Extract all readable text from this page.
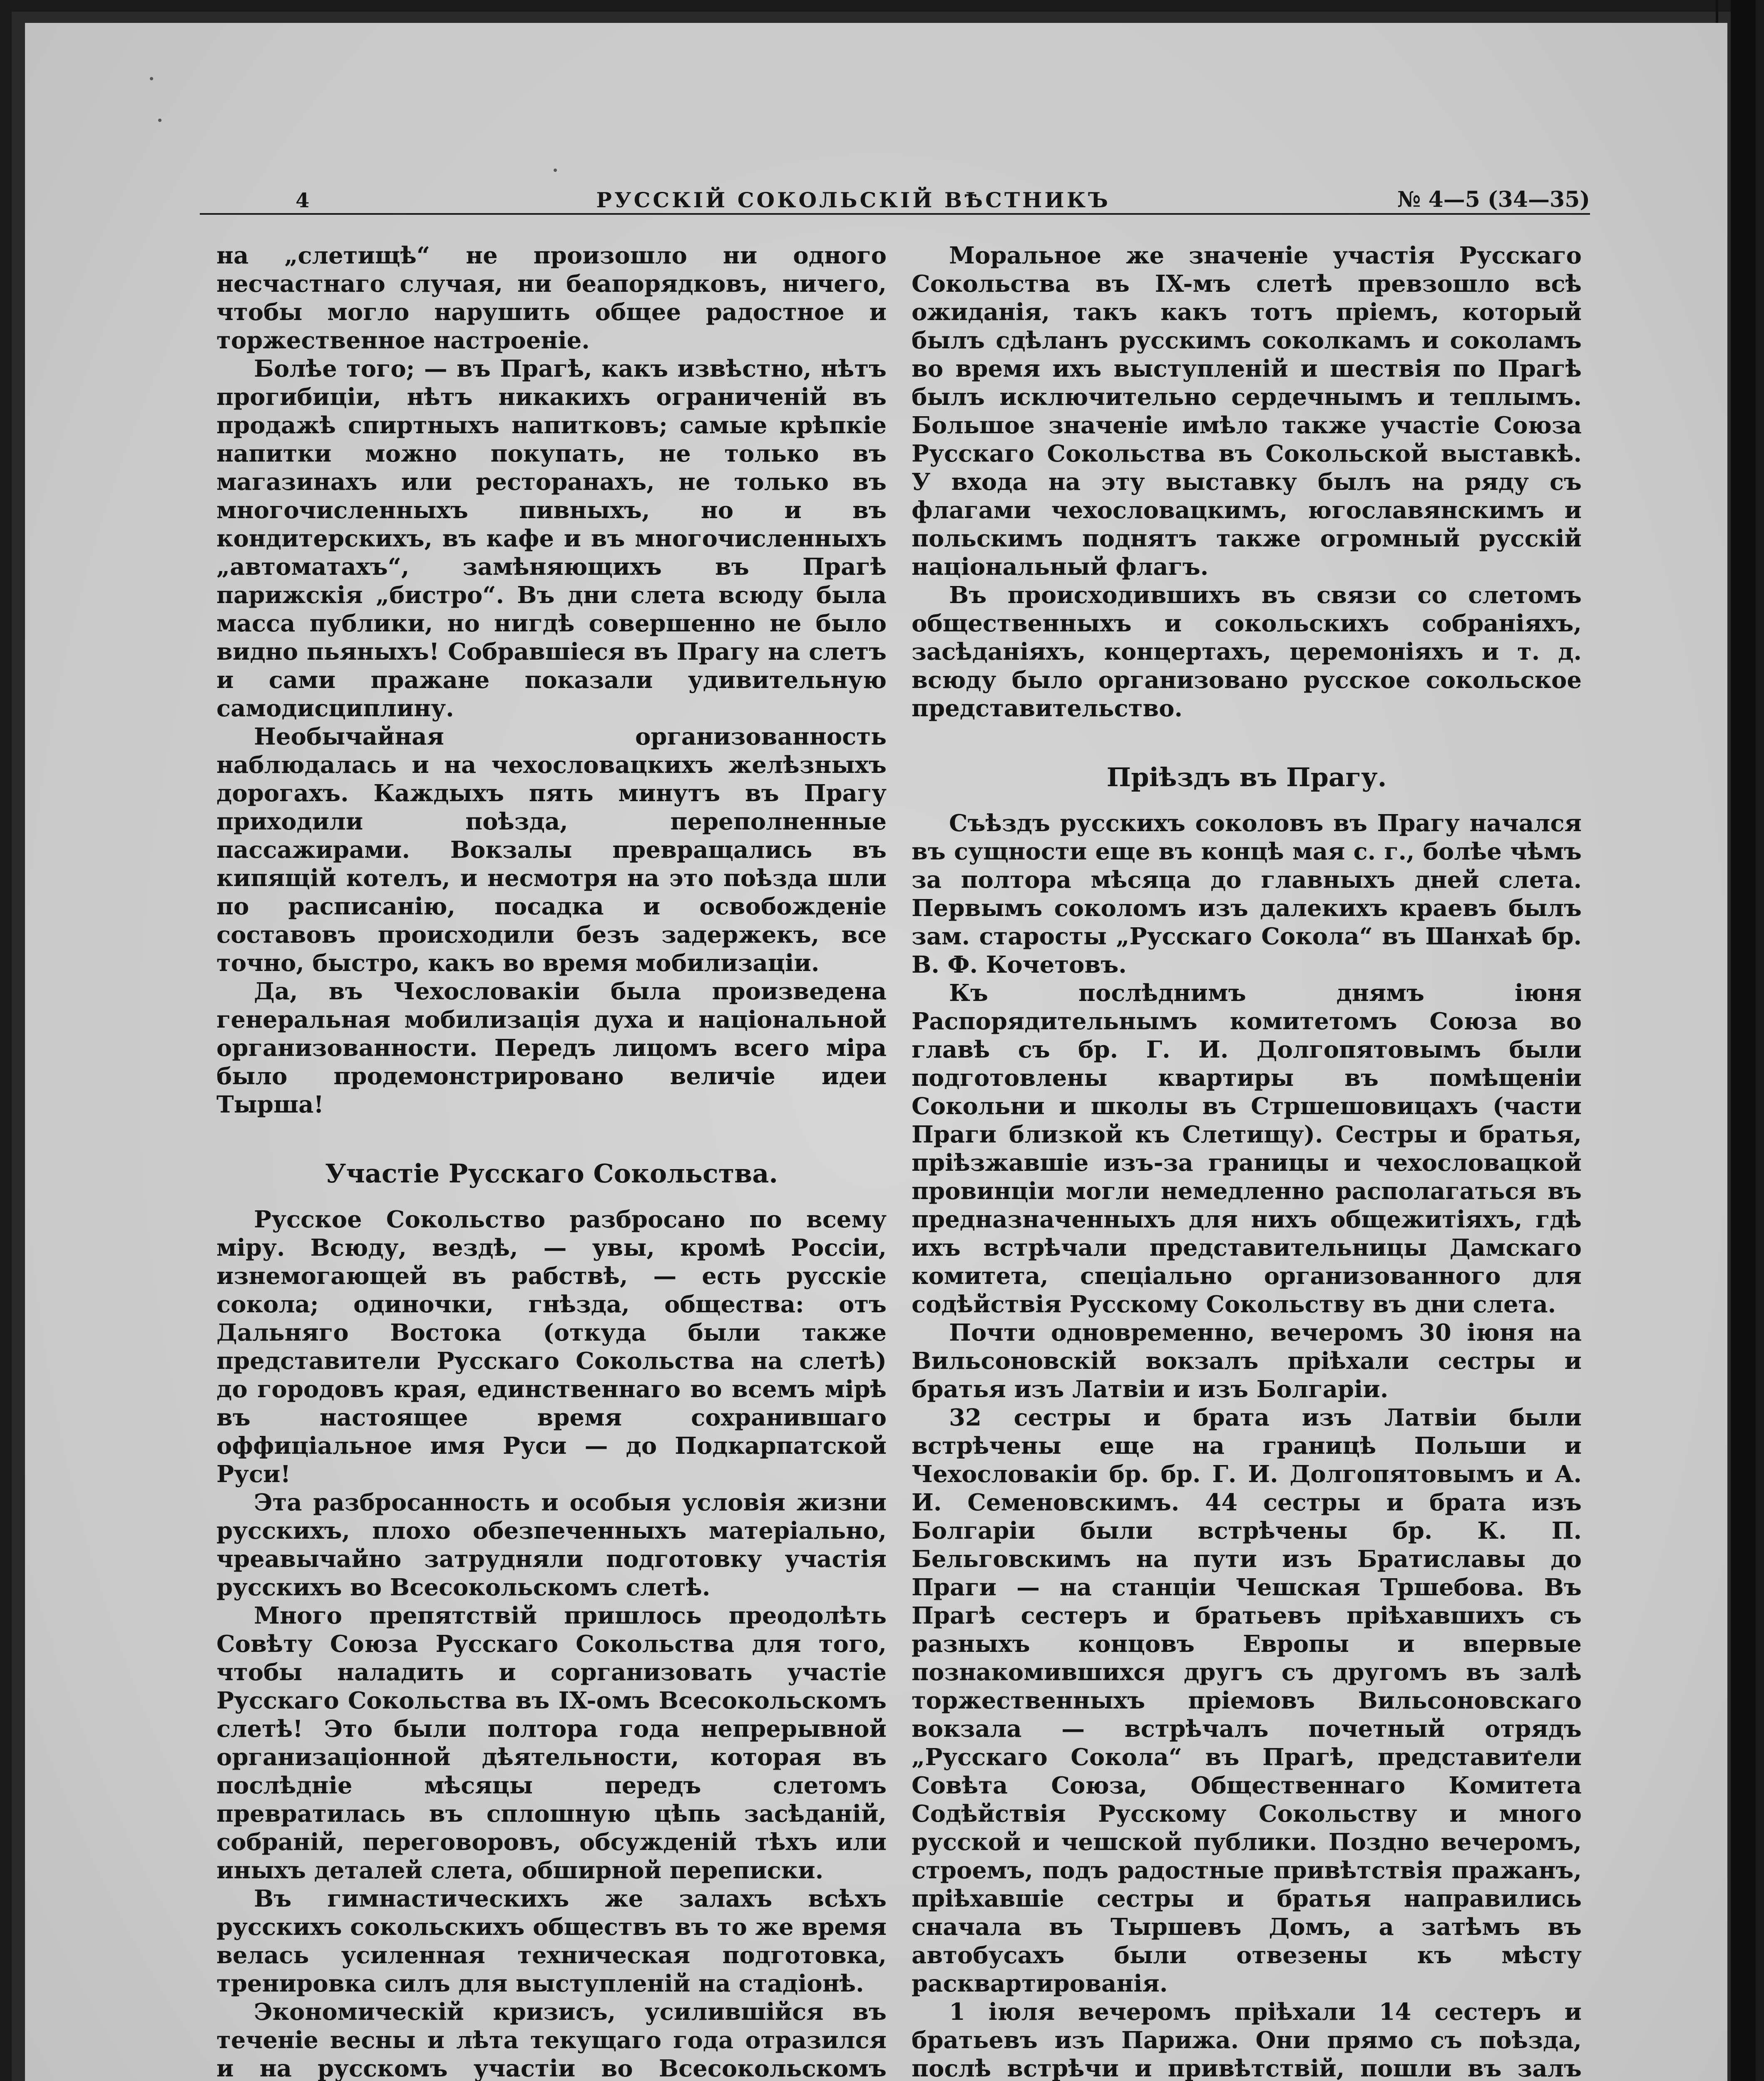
4	РУССКІЙ СОКОЛЬСКІЙ ВѢСТНИКЪ	№ 4—5 (34—35)

на „слетищѣ“ не произошло ни одного несчастнаго случая, ни беапорядковъ, ничего, чтобы могло нарушить общее радостное и торжественное настроеніе.

Болѣе того; — въ Прагѣ, какъ извѣстно, нѣтъ прогибиціи, нѣтъ никакихъ ограниченій въ продажѣ спиртныхъ напитковъ; самые крѣпкіе напитки можно покупать, не только въ магазинахъ или ресторанахъ, не только въ многочисленныхъ пивныхъ, но и въ кондитерскихъ, въ кафе и въ многочисленныхъ „автоматахъ“, замѣняющихъ въ Прагѣ парижскія „бистро“. Въ дни слета всюду была масса публики, но нигдѣ совершенно не было видно пьяныхъ! Собравшіеся въ Прагу на слетъ и сами пражане показали удивительную самодисциплину.

Необычайная организованность наблюдалась и на чехословацкихъ желѣзныхъ дорогахъ. Каждыхъ пять минутъ въ Прагу приходили поѣзда, переполненные пассажирами. Вокзалы превращались въ кипящій котелъ, и несмотря на это поѣзда шли по расписанію, посадка и освобожденіе составовъ происходили безъ задержекъ, все точно, быстро, какъ во время мобилизаціи.

Да, въ Чехословакіи была произведена генеральная мобилизація духа и національной организованности. Передъ лицомъ всего міра было продемонстрировано величіе идеи Тырша!

Участіе Русскаго Сокольства.

Русское Сокольство разбросано по всему міру. Всюду, вездѣ, — увы, кромѣ Россіи, изнемогающей въ рабствѣ, — есть русскіе сокола; одиночки, гнѣзда, общества: отъ Дальняго Востока (откуда были также представители Русскаго Сокольства на слетѣ) до городовъ края, единственнаго во всемъ мірѣ въ настоящее время сохранившаго оффиціальное имя Руси — до Подкарпатской Руси!

Эта разбросанность и особыя условія жизни русскихъ, плохо обезпеченныхъ матеріально, чреавычайно затрудняли подготовку участія русскихъ во Всесокольскомъ слетѣ.

Много препятствій пришлось преодолѣть Совѣту Союза Русскаго Сокольства для того, чтобы наладить и сорганизовать участіе Русскаго Сокольства въ IX-омъ Всесокольскомъ слетѣ! Это были полтора года непрерывной организаціонной дѣятельности, которая въ послѣдніе мѣсяцы передъ слетомъ превратилась въ сплошную цѣпь засѣданій, собраній, переговоровъ, обсужденій тѣхъ или иныхъ деталей слета, обширной переписки.

Въ гимнастическихъ же залахъ всѣхъ русскихъ сокольскихъ обществъ въ то же время велась усиленная техническая подготовка, тренировка силъ для выступленій на стадіонѣ.

Экономическій кризисъ, усилившійся въ теченіе весны и лѣта текущаго года отразился и на русскомъ участіи во Всесокольскомъ

Моральное же значеніе участія Русскаго Сокольства въ IX-мъ слетѣ превзошло всѣ ожиданія, такъ какъ тотъ пріемъ, который былъ сдѣланъ русскимъ соколкамъ и соколамъ во время ихъ выступленій и шествія по Прагѣ былъ исключительно сердечнымъ и теплымъ. Большое значеніе имѣло также участіе Союза Русскаго Сокольства въ Сокольской выставкѣ. У входа на эту выставку былъ на ряду съ флагами чехословацкимъ, югославянскимъ и польскимъ поднятъ также огромный русскій національный флагъ.

Въ происходившихъ въ связи со слетомъ общественныхъ и сокольскихъ собраніяхъ, засѣданіяхъ, концертахъ, церемоніяхъ и т. д. всюду было организовано русское сокольское представительство.

Пріѣздъ въ Прагу.

Съѣздъ русскихъ соколовъ въ Прагу начался въ сущности еще въ концѣ мая с. г., болѣе чѣмъ за полтора мѣсяца до главныхъ дней слета. Первымъ соколомъ изъ далекихъ краевъ былъ зам. старосты „Русскаго Сокола“ въ Шанхаѣ бр. В. Ф. Кочетовъ.

Къ послѣднимъ днямъ іюня Распорядительнымъ комитетомъ Союза во главѣ съ бр. Г. И. Долгопятовымъ были подготовлены квартиры въ помѣщеніи Сокольни и школы въ Стршешовицахъ (части Праги близкой къ Слетищу). Сестры и братья, пріѣзжавшіе изъ-за границы и чехословацкой провинціи могли немедленно располагаться въ предназначенныхъ для нихъ общежитіяхъ, гдѣ ихъ встрѣчали представительницы Дамскаго комитета, спеціально организованного для содѣйствія Русскому Сокольству въ дни слета.

Почти одновременно, вечеромъ 30 іюня на Вильсоновскій вокзалъ пріѣхали сестры и братья изъ Латвіи и изъ Болгаріи.

32 сестры и брата изъ Латвіи были встрѣчены еще на границѣ Польши и Чехословакіи бр. бр. Г. И. Долгопятовымъ и А. И. Семеновскимъ. 44 сестры и брата изъ Болгаріи были встрѣчены бр. К. П. Бельговскимъ на пути изъ Братиславы до Праги — на станціи Чешская Тршебова. Въ Прагѣ сестеръ и братьевъ пріѣхавшихъ съ разныхъ концовъ Европы и впервые познакомившихся другъ съ другомъ въ залѣ торжественныхъ пріемовъ Вильсоновскаго вокзала — встрѣчалъ почетный отрядъ „Русскаго Сокола“ въ Прагѣ, представители Совѣта Союза, Общественнаго Комитета Содѣйствія Русскому Сокольству и много русской и чешской публики. Поздно вечеромъ, строемъ, подъ радостные привѣтствія пражанъ, пріѣхавшіе сестры и братья направились сначала въ Тыршевъ Домъ, а затѣмъ въ автобусахъ были отвезены къ мѣсту расквартированія.

1 іюля вечеромъ пріѣхали 14 сестеръ и братьевъ изъ Парижа. Они прямо съ поѣзда, послѣ встрѣчи и привѣтствій, пошли въ залъ
